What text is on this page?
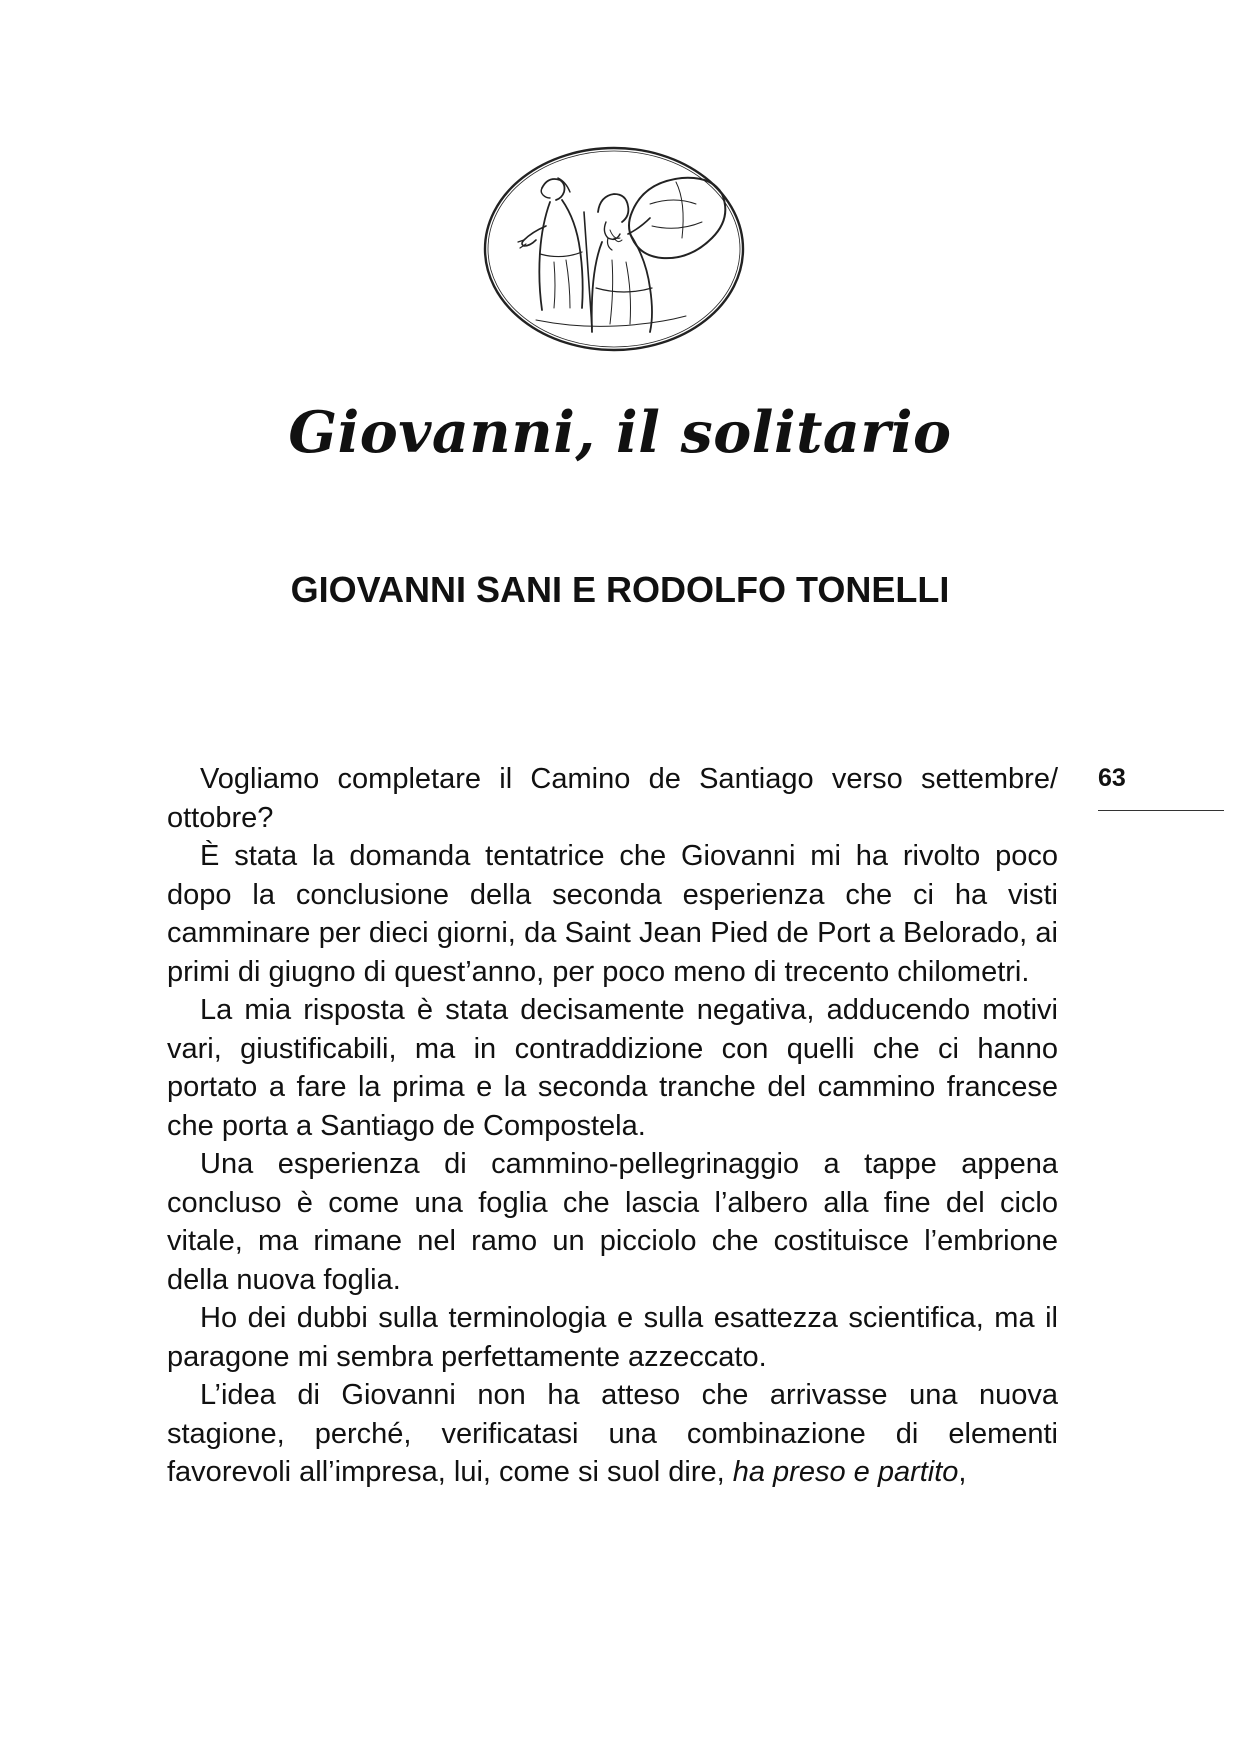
Giovanni, il solitario
GIOVANNI SANI E RODOLFO TONELLI
63

Vogliamo completare il Camino de Santiago verso settembre/ ottobre?

È stata la domanda tentatrice che Giovanni mi ha rivolto poco dopo la conclusione della seconda esperienza che ci ha visti camminare per dieci giorni, da Saint Jean Pied de Port a Belorado, ai primi di giugno di quest’anno, per poco meno di trecento chilometri.

La mia risposta è stata decisamente negativa, adducendo motivi vari, giustificabili, ma in contraddizione con quelli che ci hanno portato a fare la prima e la seconda tranche del cammino francese che porta a Santiago de Compostela.

Una esperienza di cammino-pellegrinaggio a tappe appena concluso è come una foglia che lascia l’albero alla fine del ciclo vitale, ma rimane nel ramo un picciolo che costituisce l’embrione della nuova foglia.

Ho dei dubbi sulla terminologia e sulla esattezza scientifica, ma il paragone mi sembra perfettamente azzeccato.

L’idea di Giovanni non ha atteso che arrivasse una nuova stagione, perché, verificatasi una combinazione di elementi favorevoli all’impresa, lui, come si suol dire, ha preso e partito,
